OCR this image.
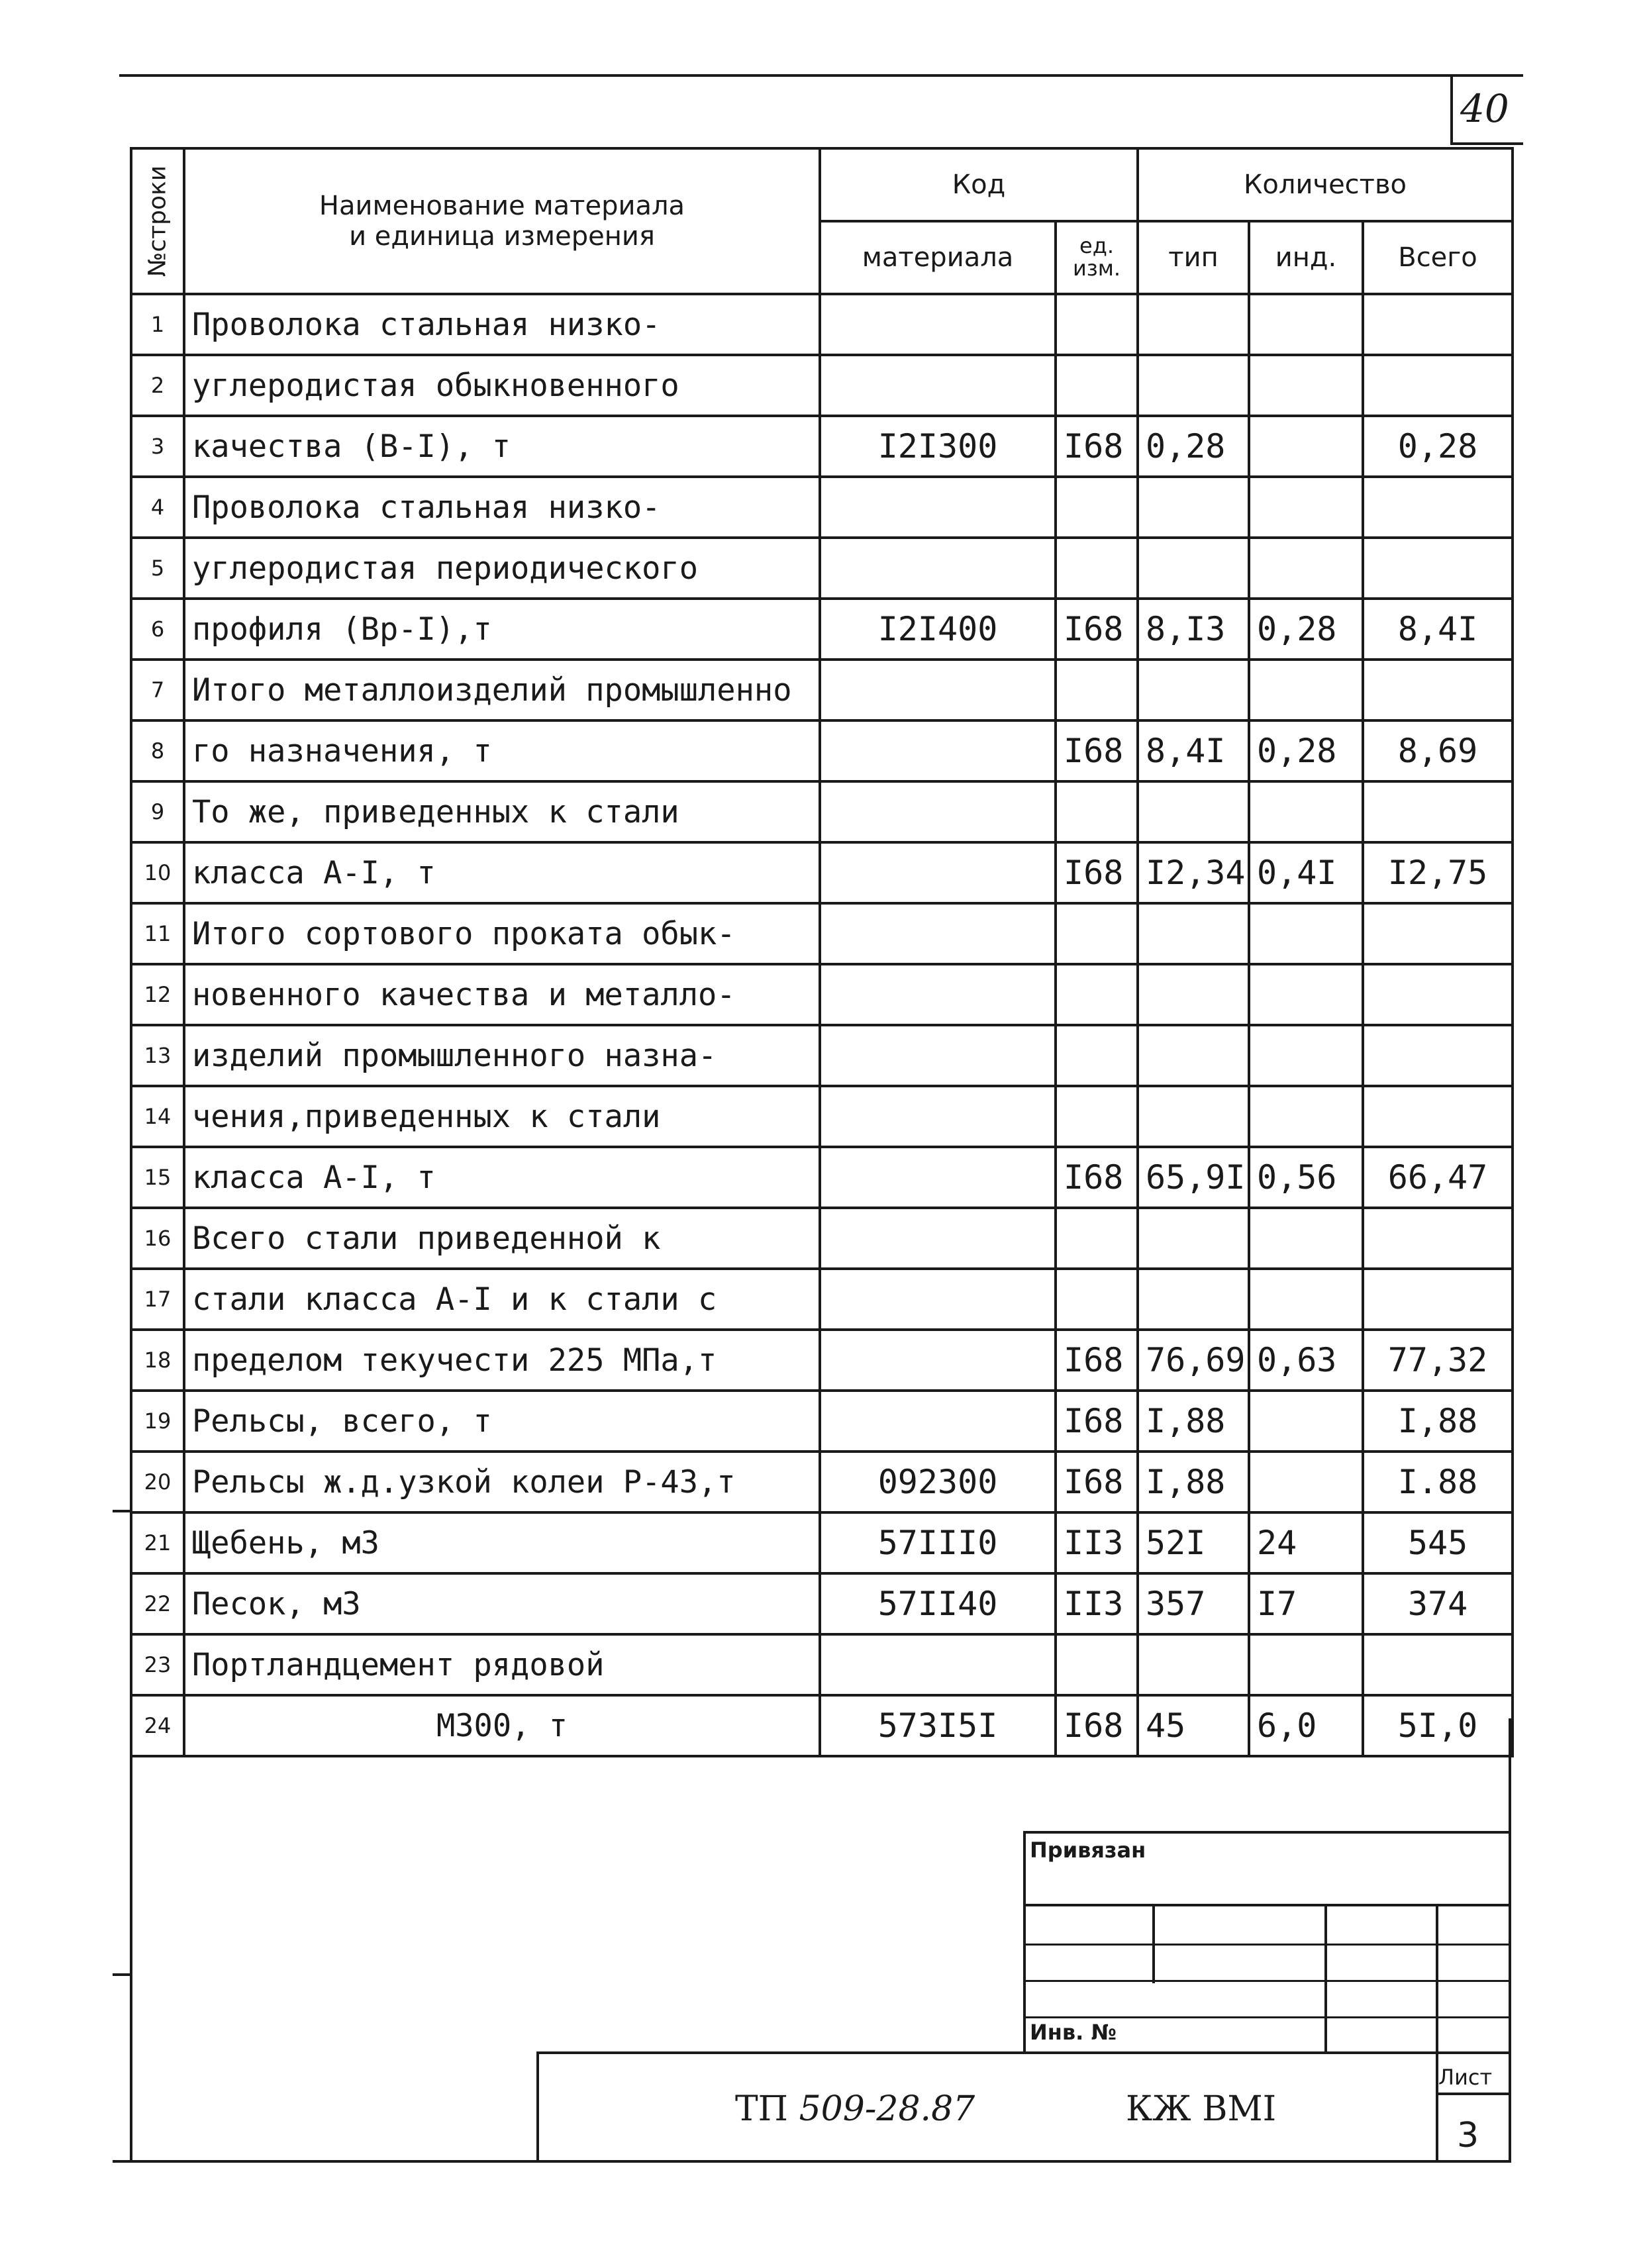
40
№строки	Наименование материала
и единица измерения	Код		Количество		
		материала	ед.
изм.	тип	инд.	Всего
1	Проволока стальная низко-					
2	углеродистая обыкновенного					
3	качества (В-I), т	I2I300	I68	0,28		0,28
4	Проволока стальная низко-					
5	углеродистая периодического					
6	профиля (Вр-I),т	I2I400	I68	8,I3	0,28	8,4I
7	Итого металлоизделий промышленно					
8	го назначения, т		I68	8,4I	0,28	8,69
9	То же, приведенных к стали					
10	класса А-I, т		I68	I2,34	0,4I	I2,75
11	Итого сортового проката обык-					
12	новенного качества и металло-					
13	изделий промышленного назна-					
14	чения,приведенных к стали					
15	класса А-I, т		I68	65,9I	0,56	66,47
16	Всего стали приведенной к					
17	стали класса А-I и к стали с					
18	пределом текучести 225 МПа,т		I68	76,69	0,63	77,32
19	Рельсы, всего, т		I68	I,88		I,88
20	Рельсы ж.д.узкой колеи Р-43,т	092300	I68	I,88		I.88
21	Щебень, м3	57III0	II3	52I	24	545
22	Песок, м3	57II40	II3	357	I7	374
23	Портландцемент рядовой					
24	М300, т	573I5I	I68	45	6,0	5I,0
Привязан
Инв. №
ТП 509-28.87	КЖ ВМI
Лист
3
